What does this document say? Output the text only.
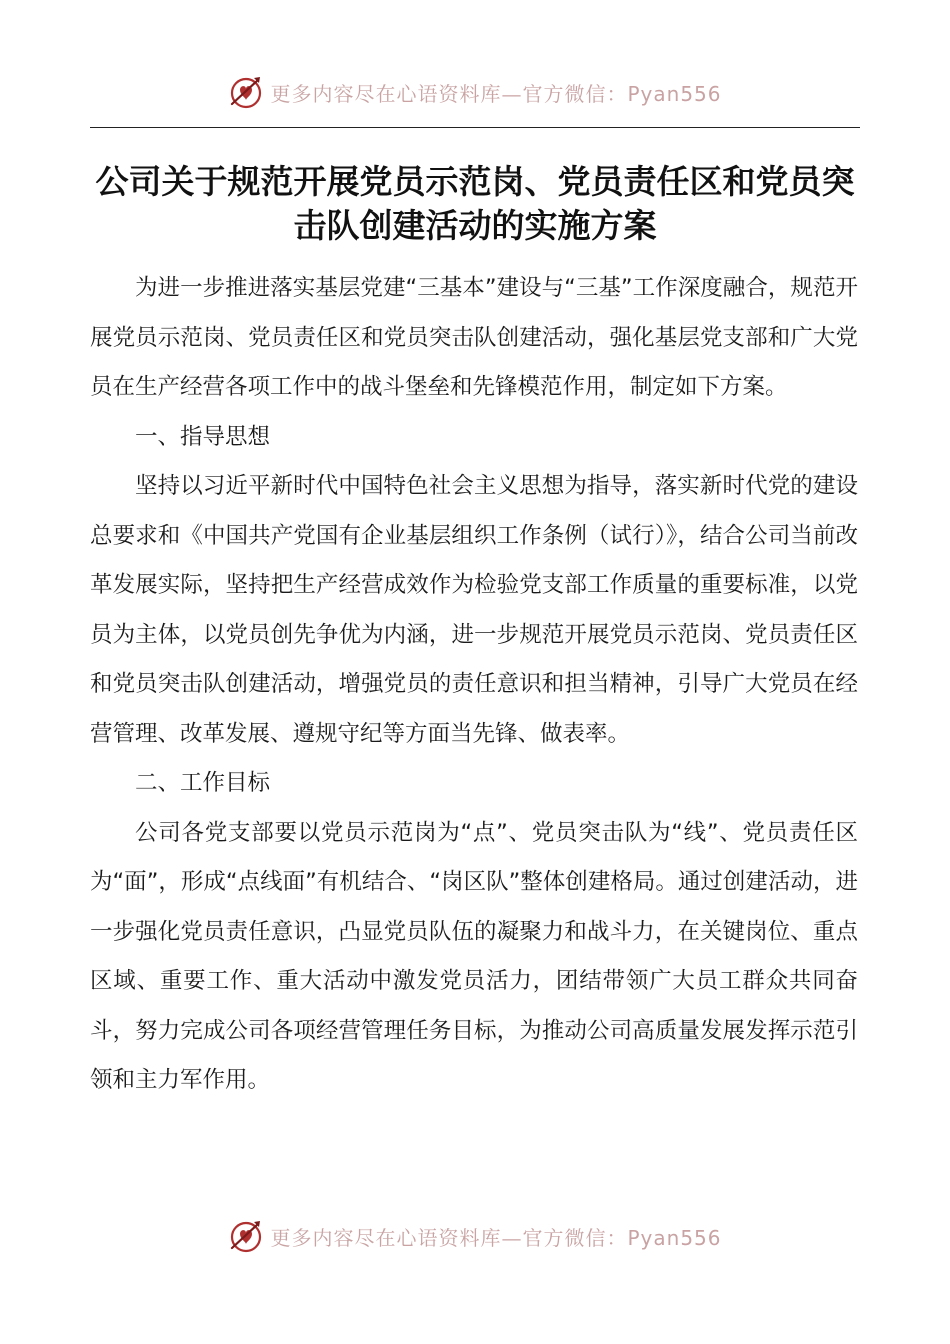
更多内容尽在心语资料库—官方微信：Pyan556
公司关于规范开展党员示范岗、党员责任区和党员突击队创建活动的实施方案

为进一步推进落实基层党建“三基本”建设与“三基”工作深度融合，规范开展党员示范岗、党员责任区和党员突击队创建活动，强化基层党支部和广大党员在生产经营各项工作中的战斗堡垒和先锋模范作用，制定如下方案。

一、指导思想

坚持以习近平新时代中国特色社会主义思想为指导，落实新时代党的建设总要求和《中国共产党国有企业基层组织工作条例（试行）》，结合公司当前改革发展实际，坚持把生产经营成效作为检验党支部工作质量的重要标准，以党员为主体，以党员创先争优为内涵，进一步规范开展党员示范岗、党员责任区和党员突击队创建活动，增强党员的责任意识和担当精神，引导广大党员在经营管理、改革发展、遵规守纪等方面当先锋、做表率。

二、工作目标

公司各党支部要以党员示范岗为“点”、党员突击队为“线”、党员责任区为“面”，形成“点线面”有机结合、“岗区队”整体创建格局。通过创建活动，进一步强化党员责任意识，凸显党员队伍的凝聚力和战斗力，在关键岗位、重点区域、重要工作、重大活动中激发党员活力，团结带领广大员工群众共同奋斗，努力完成公司各项经营管理任务目标，为推动公司高质量发展发挥示范引领和主力军作用。

更多内容尽在心语资料库—官方微信：Pyan556
